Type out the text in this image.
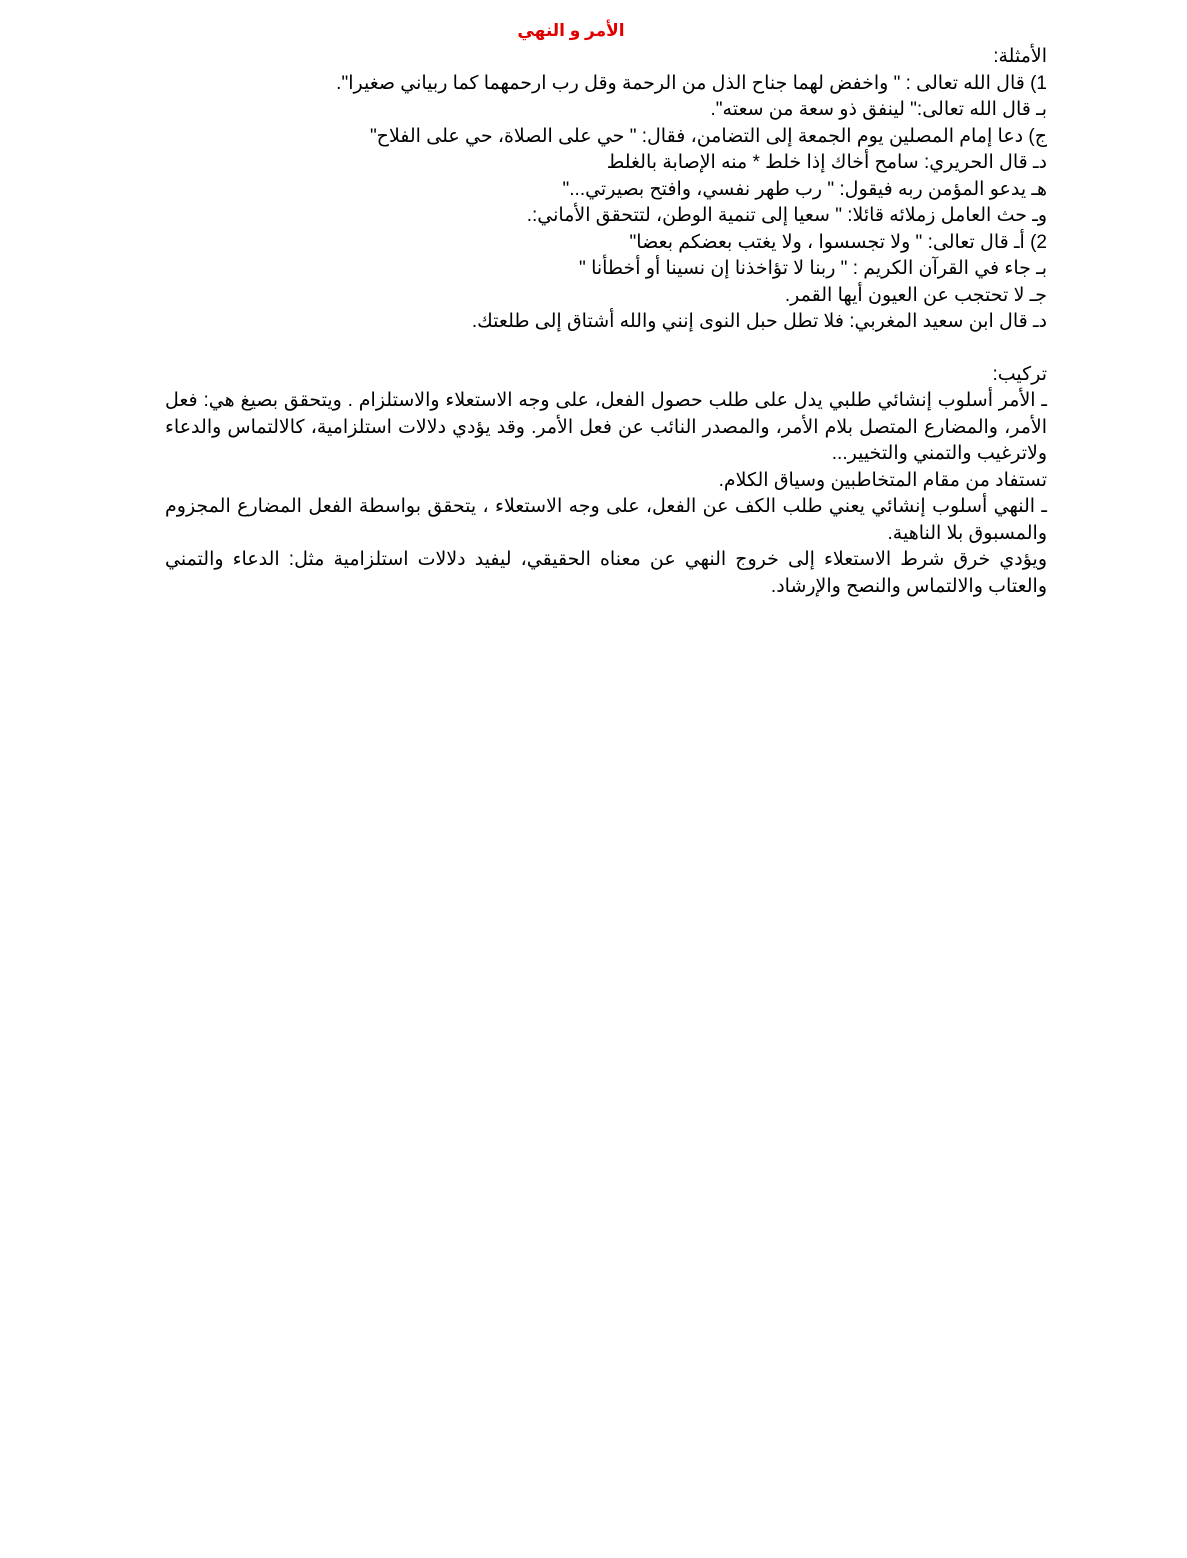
الأمر و النهي
الأمثلة:
1) قال الله تعالى : " واخفض لهما جناح الذل من الرحمة وقل رب ارحمهما كما ربياني صغيرا".
بـ قال الله تعالى:" لينفق ذو سعة من سعته".
ج) دعا إمام المصلين يوم الجمعة إلى التضامن، فقال: " حي على الصلاة، حي على الفلاح"
دـ قال الحريري: سامح أخاك إذا خلط * منه الإصابة بالغلط
هـ يدعو المؤمن ربه فيقول: " رب طهر نفسي، وافتح بصيرتي..."
وـ حث العامل زملائه قائلا: " سعيا إلى تنمية الوطن، لتتحقق الأماني:.
2) أـ قال تعالى: " ولا تجسسوا ، ولا يغتب بعضكم بعضا"
بـ جاء في القرآن الكريم : " ربنا لا تؤاخذنا إن نسينا أو أخطأنا "
جـ لا تحتجب عن العيون أيها القمر.
دـ قال ابن سعيد المغربي: فلا تطل حبل النوى إنني والله أشتاق إلى طلعتك.
تركيب:
ـ الأمر أسلوب إنشائي طلبي يدل على طلب حصول الفعل، على وجه الاستعلاء والاستلزام . ويتحقق بصيغ هي: فعل الأمر، والمضارع المتصل بلام الأمر، والمصدر النائب عن فعل الأمر. وقد يؤدي دلالات استلزامية، كالالتماس والدعاء ولاترغيب والتمني والتخيير...
تستفاد من مقام المتخاطبين وسياق الكلام.
ـ النهي أسلوب إنشائي يعني طلب الكف عن الفعل، على وجه الاستعلاء ، يتحقق بواسطة الفعل المضارع المجزوم والمسبوق بلا الناهية.
ويؤدي خرق شرط الاستعلاء إلى خروج النهي عن معناه الحقيقي، ليفيد دلالات استلزامية مثل: الدعاء والتمني والعتاب والالتماس والنصح والإرشاد.
